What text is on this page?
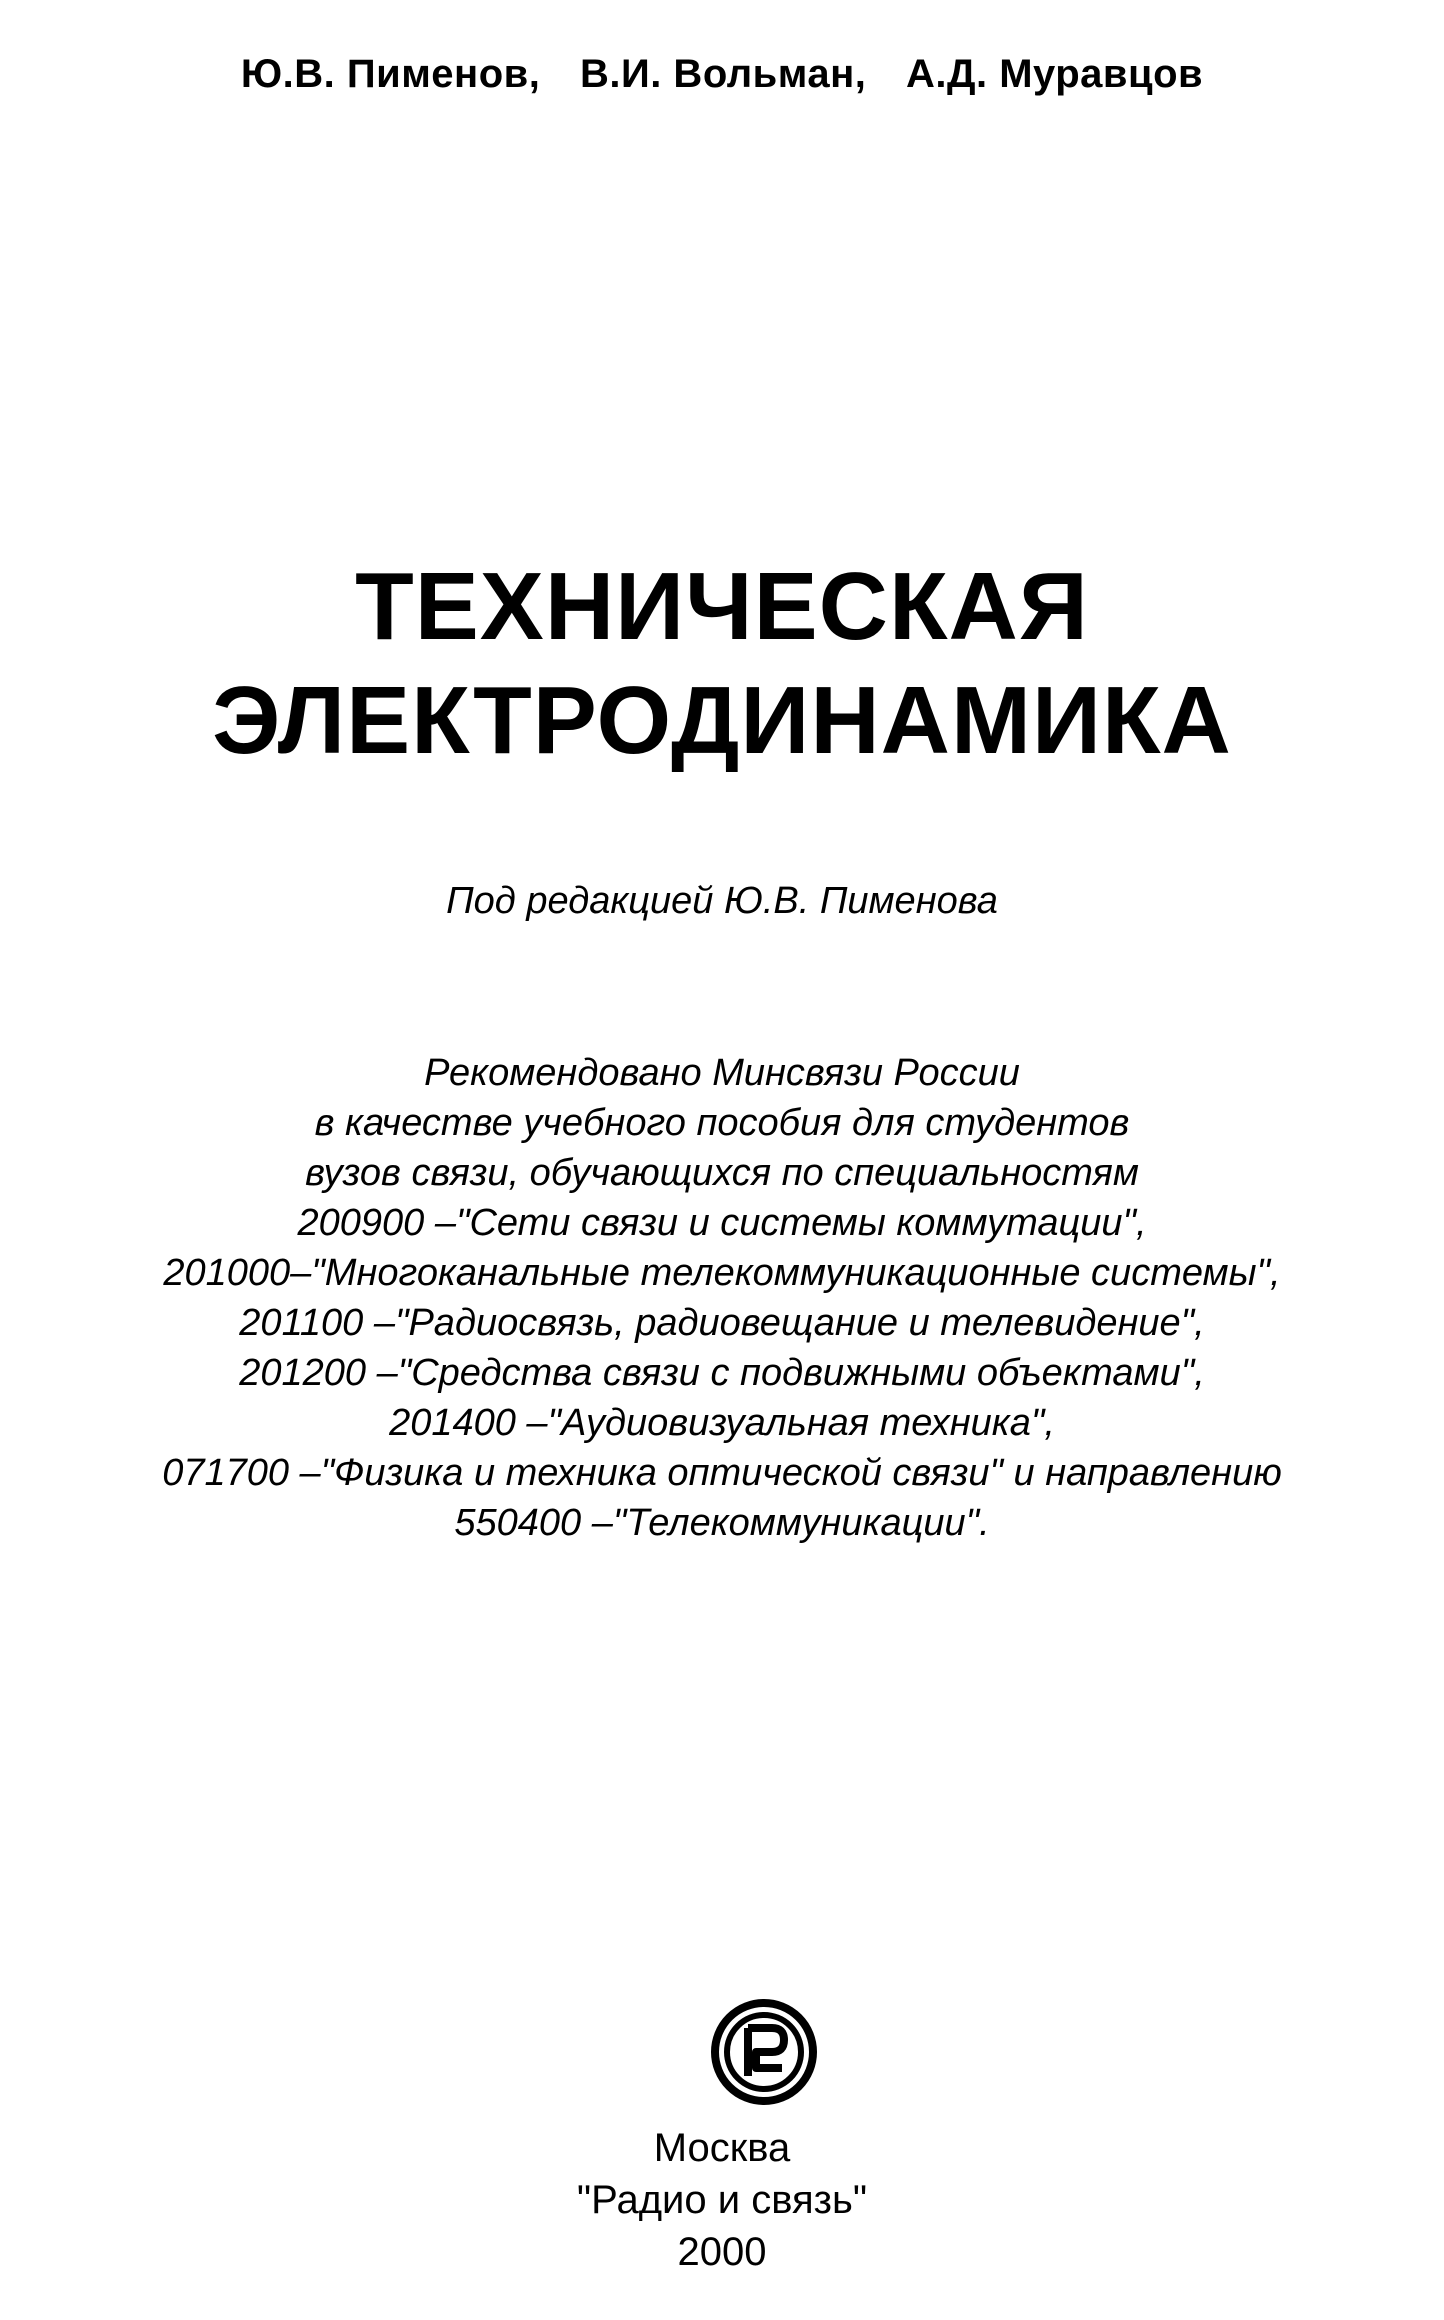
Ю.В. Пименов, В.И. Вольман, А.Д. Муравцов
ТЕХНИЧЕСКАЯ
ЭЛЕКТРОДИНАМИКА
Под редакцией Ю.В. Пименова
Рекомендовано Минсвязи России
в качестве учебного пособия для студентов
вузов связи, обучающихся по специальностям
200900 –"Сети связи и системы коммутации",
201000–"Многоканальные телекоммуникационные системы",
201100 –"Радиосвязь, радиовещание и телевидение",
201200 –"Средства связи с подвижными объектами",
201400 –"Аудиовизуальная техника",
071700 –"Физика и техника оптической связи" и направлению
550400 –"Телекоммуникации".
Москва
"Радио и связь"
2000
